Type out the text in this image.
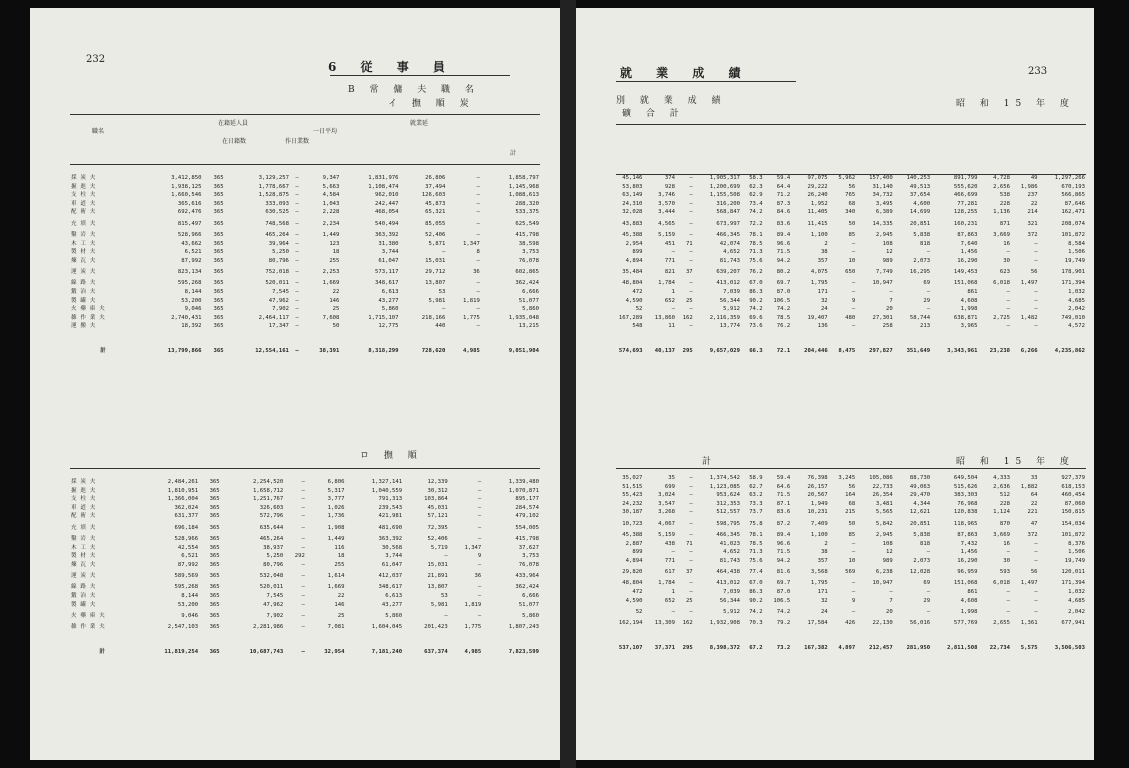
232
6 従 事 員
B 常 傭 夫 職 名
イ 撫 順 炭
職名
在籍延人員
在日籍数	作日業数
一日平均
就業延
計
採 炭 夫	3,412,850	365	3,129,257	—	9,347	1,831,976	26,806	—	1,858,797
掘 進 夫	1,938,125	365	1,778,667	—	5,663	1,108,474	37,494	—	1,145,968
支 柱 夫	1,660,546	365	1,528,875	—	4,584	962,010	126,603	—	1,088,613
車 道 夫	365,616	365	333,093	—	1,043	242,447	45,873	—	288,320
配 術 夫	692,476	365	630,525	—	2,228	468,054	65,321	—	533,375
充 填 夫	815,497	365	748,568	—	2,234	540,494	85,055	—	625,549
鑿 岩 夫	528,966	365	465,264	—	1,449	363,392	52,406	—	415,798
木 工 夫	43,662	365	39,964	—	123	31,380	5,871	1,347	38,598
製 材 夫	6,521	365	5,250	—	18	3,744	—	8	3,753
煉 瓦 夫	87,992	365	80,796	—	255	61,047	15,031	—	76,078
運 炭 夫	823,134	365	752,018	—	2,253	573,117	29,712	36	602,865
線 路 夫	595,268	365	520,011	—	1,669	348,617	13,807	—	362,424
鍛 冶 夫	8,144	365	7,545	—	22	6,613	53	—	6,666
製 罐 夫	53,200	365	47,962	—	146	43,277	5,981	1,819	51,077
火 藥 庫 夫	9,046	365	7,902	—	25	5,860	—	—	5,860
雑 作 業 夫	2,740,431	365	2,464,117	—	7,608	1,715,107	218,166	1,775	1,935,048
運 搬 夫	18,392	365	17,347	—	50	12,775	440	—	13,215

計	13,799,866	365	12,554,161	—	38,391	8,318,299	728,620	4,985	9,051,904
ロ 撫 順
採 炭 夫	2,484,261	365	2,254,520	—	6,806	1,327,141	12,339	—	1,339,480
掘 進 夫	1,810,951	365	1,658,712	—	5,317	1,040,559	30,312	—	1,070,871
支 柱 夫	1,366,004	365	1,251,767	—	3,777	791,313	103,864	—	895,177
車 道 夫	362,024	365	326,603	—	1,026	239,543	45,031	—	284,574
配 術 夫	631,377	365	572,796	—	1,736	421,981	57,121	—	479,102
充 填 夫	696,184	365	635,644	—	1,908	481,690	72,395	—	554,005
鑿 岩 夫	528,966	365	465,264	—	1,449	363,392	52,406	—	415,798
木 工 夫	42,554	365	38,937	—	116	30,568	5,719	1,347	37,627
製 材 夫	6,521	365	5,250	292	18	3,744	—	9	3,753
煉 瓦 夫	87,992	365	80,796	—	255	61,047	15,031	—	76,078
運 炭 夫	589,569	365	532,048	—	1,614	412,037	21,891	36	433,964
線 路 夫	595,268	365	520,011	—	1,669	348,617	13,807	—	362,424
鍛 冶 夫	8,144	365	7,545	—	22	6,613	53	—	6,666
製 罐 夫	53,200	365	47,962	—	146	43,277	5,981	1,819	51,077
火 藥 庫 夫	9,046	365	7,902	—	25	5,860	—	—	5,860
雑 作 業 夫	2,547,103	365	2,281,986	—	7,081	1,604,045	201,423	1,775	1,807,243

計	11,819,254	365	10,687,743	—	32,954	7,181,240	637,374	4,985	7,823,599
233
就 業 成 績
別 就 業 成 績
礦 合 計
昭 和 15 年 度
45,146	374	—	1,905,317	58.3	59.4	97,075	5,962	157,400	140,253	891,799	4,728	49	1,297,266
53,803	928	—	1,200,699	62.3	64.4	29,222	56	31,140	49,513	555,620	2,656	1,986	670,193
63,149	3,746	—	1,155,508	62.9	71.2	26,240	765	34,732	37,654	466,699	538	237	566,865
24,310	3,570	—	316,200	73.4	87.3	1,952	68	3,495	4,600	77,281	228	22	87,646
32,028	3,444	—	568,847	74.2	84.6	11,405	340	6,389	14,699	128,255	1,136	214	162,471
43,883	4,565	—	673,997	72.2	83.6	11,415	50	14,335	20,851	160,231	871	321	208,074
45,388	5,159	—	466,345	78.1	89.4	1,100	85	2,945	5,838	87,863	3,669	372	101,872
2,954	451	71	42,074	78.5	96.6	2	—	108	818	7,640	16	—	8,584
899	—	—	4,652	71.3	71.5	38	—	12	—	1,456	—	—	1,506
4,894	771	—	81,743	75.6	94.2	357	10	989	2,073	16,290	30	—	19,749
35,484	821	37	639,207	76.2	80.2	4,075	650	7,749	16,295	149,453	623	56	178,901
48,804	1,784	—	413,012	67.0	69.7	1,795	—	10,947	69	151,068	6,018	1,497	171,394
472	1	—	7,039	86.3	87.0	171	—	—	—	861	—	—	1,032
4,590	652	25	56,344	90.2	106.5	32	9	7	29	4,608	—	—	4,685
52	—	—	5,912	74.2	74.2	24	—	20	—	1,998	—	—	2,042
167,289	13,860	162	2,116,359	69.6	78.5	19,407	480	27,301	58,744	638,871	2,725	1,482	749,010
548	11	—	13,774	73.6	76.2	136	—	258	213	3,965	—	—	4,572

574,693	40,137	295	9,657,029	66.3	72.1	204,446	8,475	297,827	351,649	3,343,961	23,238	6,266	4,235,862
計	昭 和 15 年 度
35,027	35	—	1,374,542	58.9	59.4	76,398	3,245	105,086	88,730	649,504	4,333	33	927,379
51,515	699	—	1,123,085	62.7	64.6	26,157	56	22,733	49,063	515,626	2,636	1,882	618,153
55,423	3,024	—	953,624	63.2	71.5	20,567	164	26,354	29,470	383,303	512	64	460,454
24,232	3,547	—	312,353	73.3	87.1	1,949	68	3,481	4,344	76,968	228	22	87,060
30,187	3,268	—	512,557	73.7	83.6	10,231	215	5,565	12,621	120,838	1,124	221	150,815
10,723	4,067	—	598,795	75.8	87.2	7,409	50	5,842	20,851	118,965	870	47	154,034
45,388	5,159	—	466,345	78.1	89.4	1,100	85	2,945	5,838	87,863	3,669	372	101,872
2,887	438	71	41,023	78.5	96.6	2	—	108	818	7,432	16	—	8,376
899	—	—	4,652	71.3	71.5	38	—	12	—	1,456	—	—	1,506
4,894	771	—	81,743	75.6	94.2	357	10	989	2,073	16,290	30	—	19,749
29,820	617	37	464,438	77.4	81.6	3,568	569	6,238	12,028	96,959	593	56	120,011
48,804	1,784	—	413,012	67.0	69.7	1,795	—	10,947	69	151,068	6,018	1,497	171,394
472	1	—	7,039	86.3	87.0	171	—	—	—	861	—	—	1,032
4,590	652	25	56,344	90.2	106.5	32	9	7	29	4,608	—	—	4,685
52	—	—	5,912	74.2	74.2	24	—	20	—	1,998	—	—	2,042
162,194	13,309	162	1,932,908	70.3	79.2	17,584	426	22,130	56,016	577,769	2,655	1,361	677,941

537,107	37,371	295	8,398,372	67.2	73.2	167,382	4,897	212,457	281,950	2,811,508	22,734	5,575	3,506,503
